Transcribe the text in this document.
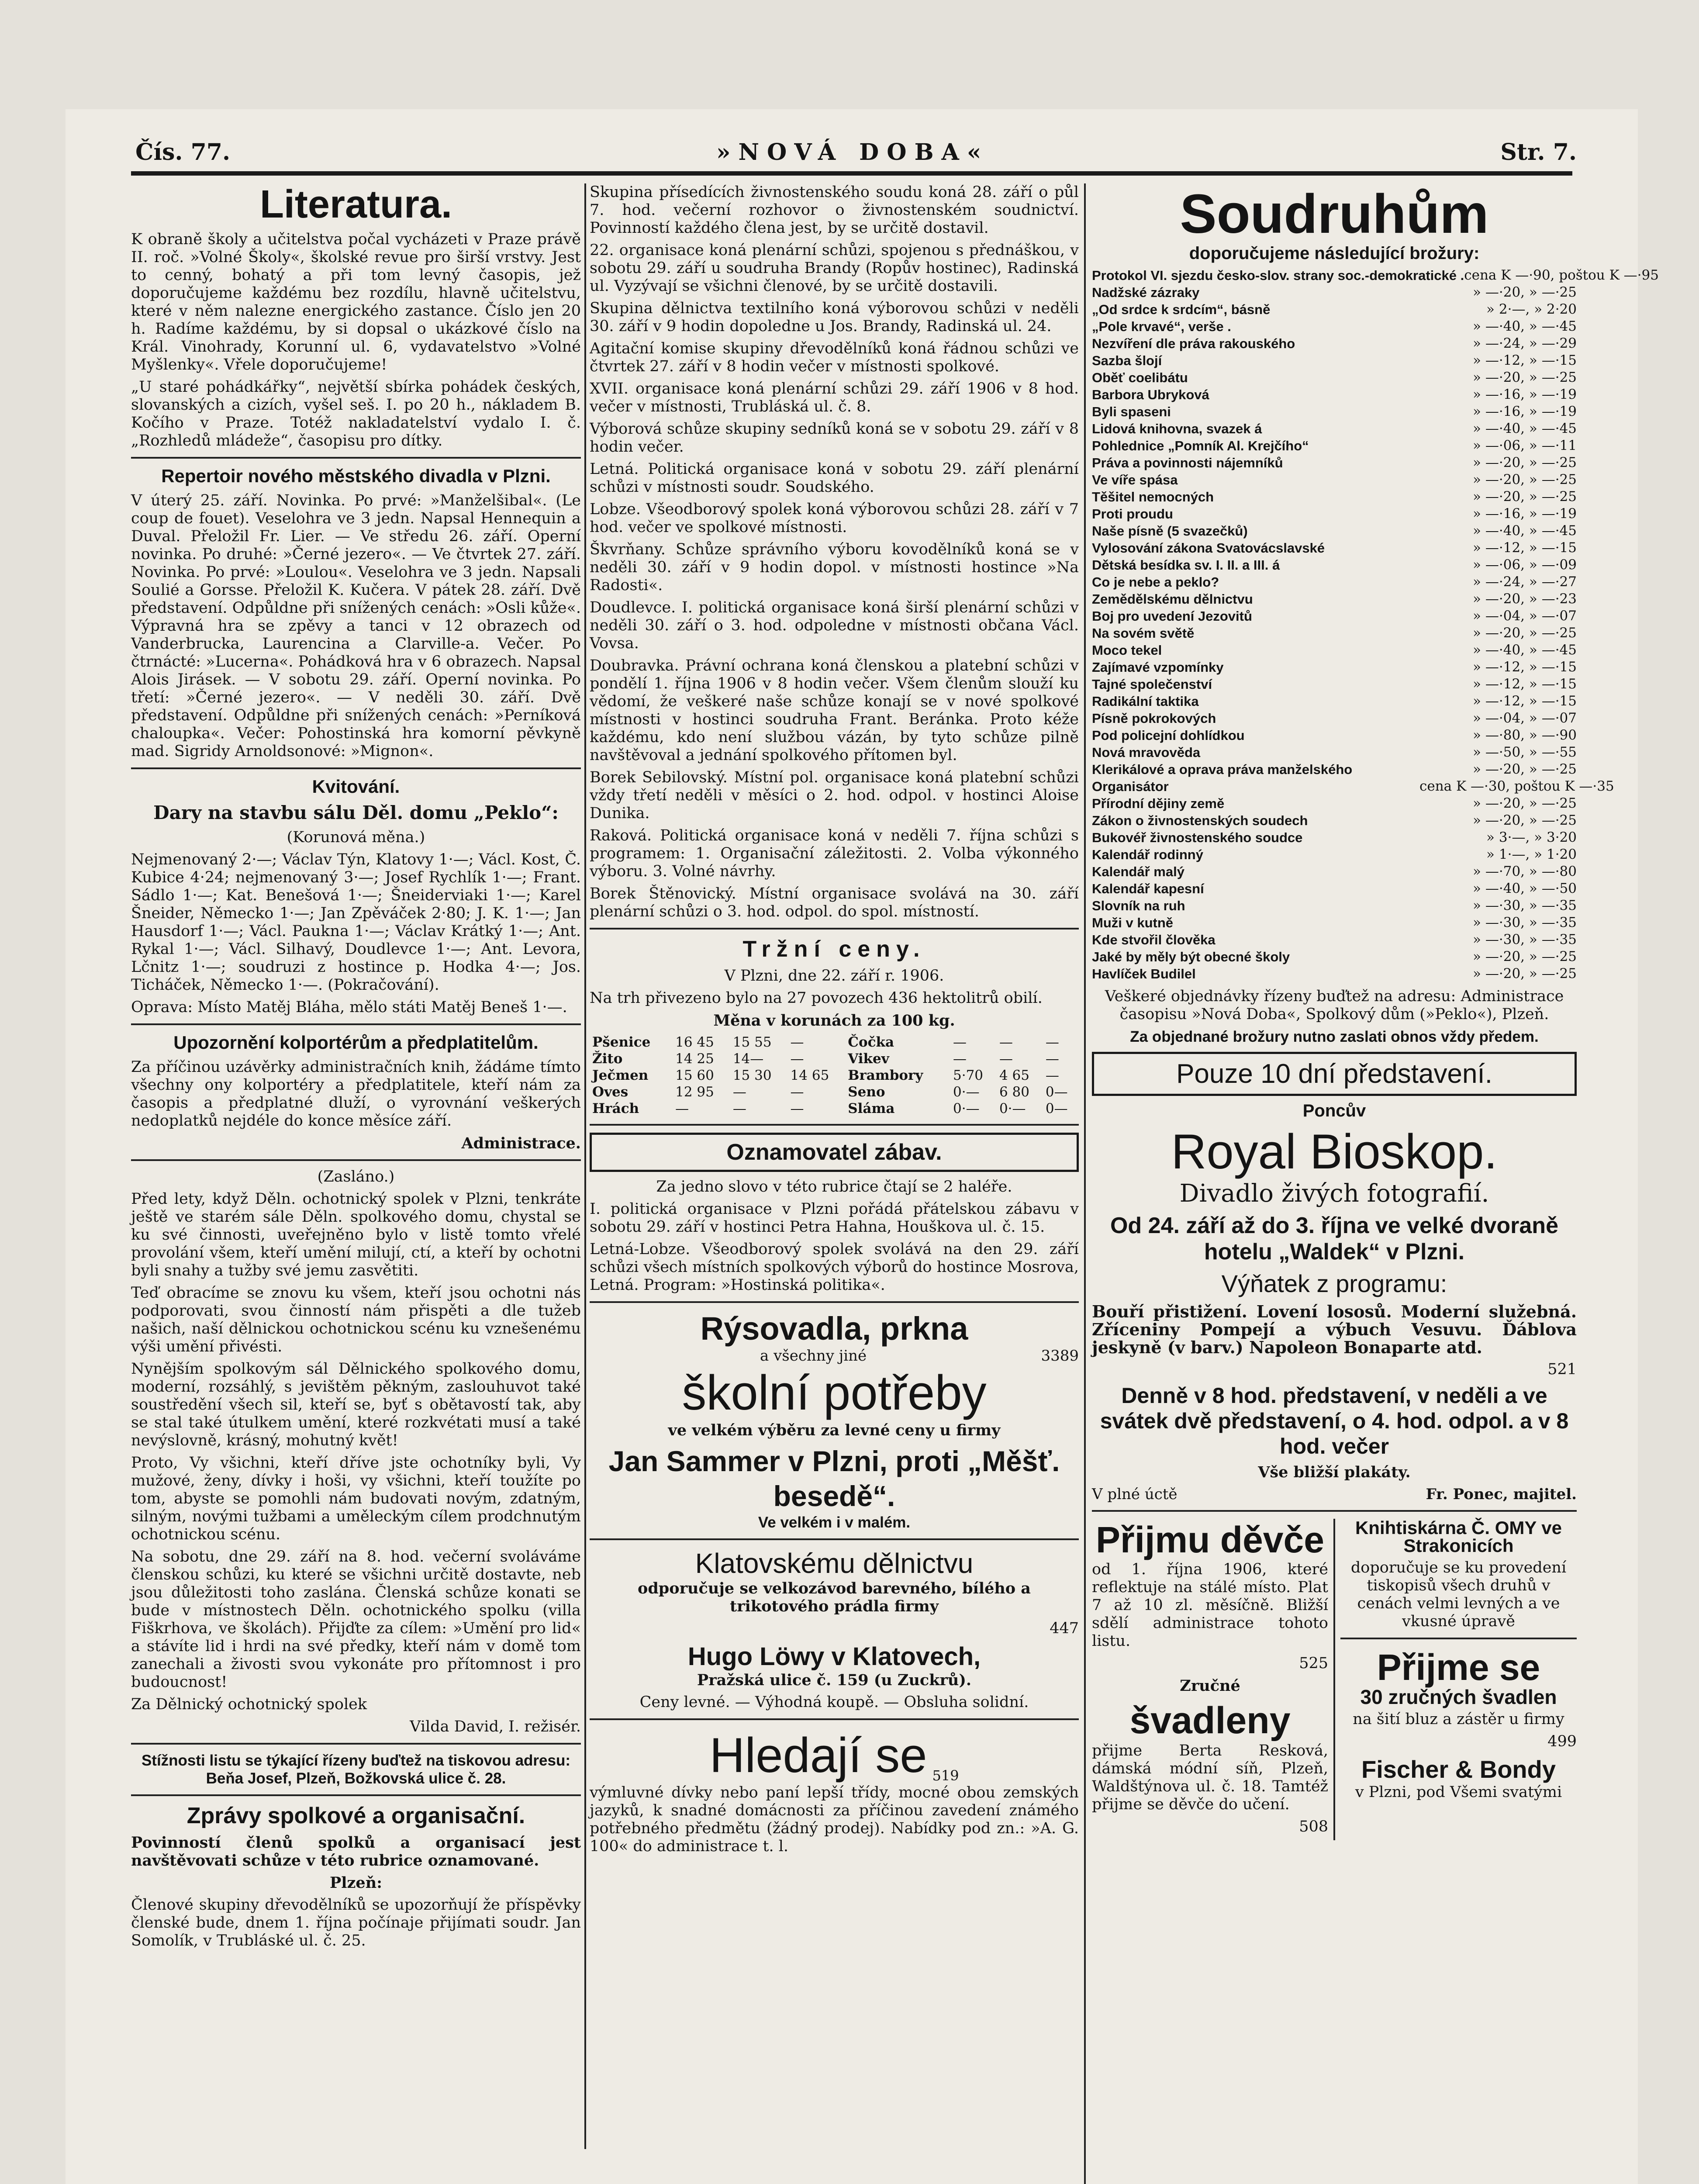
Čís. 77.	»NOVÁ DOBA«	Str. 7.
Literatura.

K obraně školy a učitelstva počal vycházeti v Praze právě II. roč. »Volné Školy«, školské revue pro širší vrstvy. Jest to cenný, bohatý a při tom levný časopis, jež doporučujeme každému bez rozdílu, hlavně učitelstvu, které v něm nalezne energického zastance. Číslo jen 20 h. Radíme každému, by si dopsal o ukázkové číslo na Král. Vinohrady, Korunní ul. 6, vydavatelstvo »Volné Myšlenky«. Vřele doporučujeme!

„U staré pohádkářky“, největší sbírka pohádek českých, slovanských a cizích, vyšel seš. I. po 20 h., nákladem B. Kočího v Praze. Totéž nakladatelství vydalo I. č. „Rozhledů mládeže“, časopisu pro dítky.

Repertoir nového městského divadla v Plzni.

V úterý 25. září. Novinka. Po prvé: »Manželšibal«. (Le coup de fouet). Veselohra ve 3 jedn. Napsal Hennequin a Duval. Přeložil Fr. Lier. — Ve středu 26. září. Operní novinka. Po druhé: »Černé jezero«. — Ve čtvrtek 27. září. Novinka. Po prvé: »Loulou«. Veselohra ve 3 jedn. Napsali Soulié a Gorsse. Přeložil K. Kučera. V pátek 28. září. Dvě představení. Odpůldne při snížených cenách: »Osli kůže«. Výpravná hra se zpěvy a tanci v 12 obrazech od Vanderbrucka, Laurencina a Clarville-a. Večer. Po čtrnácté: »Lucerna«. Pohádková hra v 6 obrazech. Napsal Alois Jirásek. — V sobotu 29. září. Operní novinka. Po třetí: »Černé jezero«. — V neděli 30. září. Dvě představení. Odpůldne při snížených cenách: »Perníková chaloupka«. Večer: Pohostinská hra komorní pěvkyně mad. Sigridy Arnoldsonové: »Mignon«.

Kvitování.
Dary na stavbu sálu Děl. domu „Peklo“:

(Korunová měna.)

Nejmenovaný 2·—; Václav Týn, Klatovy 1·—; Václ. Kost, Č. Kubice 4·24; nejmenovaný 3·—; Josef Rychlík 1·—; Frant. Sádlo 1·—; Kat. Benešová 1·—; Šneiderviaki 1·—; Karel Šneider, Německo 1·—; Jan Zpěváček 2·80; J. K. 1·—; Jan Hausdorf 1·—; Václ. Paukna 1·—; Václav Krátký 1·—; Ant. Rykal 1·—; Václ. Silhavý, Doudlevce 1·—; Ant. Levora, Lčnitz 1·—; soudruzi z hostince p. Hodka 4·—; Jos. Ticháček, Německo 1·—. (Pokračování).

Oprava: Místo Matěj Bláha, mělo státi Matěj Beneš 1·—.

Upozornění kolportérům a předplatitelům.

Za příčinou uzávěrky administračních knih, žádáme tímto všechny ony kolportéry a předplatitele, kteří nám za časopis a předplatné dluží, o vyrovnání veškerých nedoplatků nejdéle do konce měsíce září.

Administrace.

(Zasláno.)

Před lety, když Děln. ochotnický spolek v Plzni, tenkráte ještě ve starém sále Děln. spolkového domu, chystal se ku své činnosti, uveřejněno bylo v listě tomto vřelé provolání všem, kteří umění milují, ctí, a kteří by ochotni byli snahy a tužby své jemu zasvětiti.

Teď obracíme se znovu ku všem, kteří jsou ochotni nás podporovati, svou činností nám přispěti a dle tužeb našich, naší dělnickou ochotnickou scénu ku vznešenému výši umění přivésti.

Nynějším spolkovým sál Dělnického spolkového domu, moderní, rozsáhlý, s jevištěm pěkným, zaslouhuvot také soustředění všech sil, kteří se, byť s obětavostí tak, aby se stal také útulkem umění, které rozkvétati musí a také nevýslovně, krásný, mohutný květ!

Proto, Vy všichni, kteří dříve jste ochotníky byli, Vy mužové, ženy, dívky i hoši, vy všichni, kteří toužíte po tom, abyste se pomohli nám budovati novým, zdatným, silným, novými tužbami a uměleckým cílem prodchnutým ochotnickou scénu.

Na sobotu, dne 29. září na 8. hod. večerní svoláváme členskou schůzi, ku které se všichni určitě dostavte, neb jsou důležitosti toho zaslána. Členská schůze konati se bude v místnostech Děln. ochotnického spolku (villa Fiškrhova, ve školách). Přijďte za cílem: »Umění pro lid« a stávíte lid i hrdi na své předky, kteří nám v domě tom zanechali a živosti svou vykonáte pro přítomnost i pro budoucnost!

Za Dělnický ochotnický spolek

Vilda David, I. režisér.

Stížnosti listu se týkající řízeny buďtež na tiskovou adresu: Beňa Josef, Plzeň, Božkovská ulice č. 28.

Zprávy spolkové a organisační.

Povinností členů spolků a organisací jest navštěvovati schůze v této rubrice oznamované.

Plzeň:

Členové skupiny dřevodělníků se upozorňují že příspěvky členské bude, dnem 1. října počínaje přijímati soudr. Jan Somolík, v Trubláské ul. č. 25.

Skupina přísedících živnostenského soudu koná 28. září o půl 7. hod. večerní rozhovor o živnostenském soudnictví. Povinností každého člena jest, by se určitě dostavil.

22. organisace koná plenární schůzi, spojenou s přednáškou, v sobotu 29. září u soudruha Brandy (Ropův hostinec), Radinská ul. Vyzývají se všichni členové, by se určitě dostavili.

Skupina dělnictva textilního koná výborovou schůzi v neděli 30. září v 9 hodin dopoledne u Jos. Brandy, Radinská ul. 24.

Agitační komise skupiny dřevodělníků koná řádnou schůzi ve čtvrtek 27. září v 8 hodin večer v místnosti spolkové.

XVII. organisace koná plenární schůzi 29. září 1906 v 8 hod. večer v místnosti, Trubláská ul. č. 8.

Výborová schůze skupiny sedníků koná se v sobotu 29. září v 8 hodin večer.

Letná. Politická organisace koná v sobotu 29. září plenární schůzi v místnosti soudr. Soudského.

Lobze. Všeodborový spolek koná výborovou schůzi 28. září v 7 hod. večer ve spolkové místnosti.

Škvrňany. Schůze správního výboru kovodělníků koná se v neděli 30. září v 9 hodin dopol. v místnosti hostince »Na Radosti«.

Doudlevce. I. politická organisace koná širší plenární schůzi v neděli 30. září o 3. hod. odpoledne v místnosti občana Václ. Vovsa.

Doubravka. Právní ochrana koná členskou a platební schůzi v pondělí 1. října 1906 v 8 hodin večer. Všem členům slouží ku vědomí, že veškeré naše schůze konají se v nové spolkové místnosti v hostinci soudruha Frant. Beránka. Proto kéže každému, kdo není službou vázán, by tyto schůze pilně navštěvoval a jednání spolkového přítomen byl.

Borek Sebilovský. Místní pol. organisace koná platební schůzi vždy třetí neděli v měsíci o 2. hod. odpol. v hostinci Aloise Dunika.

Raková. Politická organisace koná v neděli 7. října schůzi s programem: 1. Organisační záležitosti. 2. Volba výkonného výboru. 3. Volné návrhy.

Borek Štěnovický. Místní organisace svolává na 30. září plenární schůzi o 3. hod. odpol. do spol. místností.

Tržní ceny.

V Plzni, dne 22. září r. 1906.

Na trh přivezeno bylo na 27 povozech 436 hektolitrů obilí.

Měna v korunách za 100 kg.

Pšenice	16 45	15 55	—	Čočka	—	—	—
Žito	14 25	14—	—	Vikev	—	—	—
Ječmen	15 60	15 30	14 65	Brambory	5·70	4 65	—
Oves	12 95	—	—	Seno	0·—	6 80	0—
Hrách	—	—	—	Sláma	0·—	0·—	0—
Oznamovatel zábav.

Za jedno slovo v této rubrice čtají se 2 haléře.

I. politická organisace v Plzni pořádá přátelskou zábavu v sobotu 29. září v hostinci Petra Hahna, Houškova ul. č. 15.

Letná-Lobze. Všeodborový spolek svolává na den 29. září schůzi všech místních spolkových výborů do hostince Mosrova, Letná. Program: »Hostinská politika«.

Rýsovadla, prkna
a všechny jiné	3389
školní potřeby

ve velkém výběru za levné ceny u firmy

Jan Sammer v Plzni, proti „Měšť. besedě“.

Ve velkém i v malém.

Klatovskému dělnictvu

odporučuje se velkozávod barevného, bílého a trikotového prádla firmy

447

Hugo Löwy v Klatovech,

Pražská ulice č. 159 (u Zuckrů).

Ceny levné. — Výhodná koupě. — Obsluha solidní.

Hledají se 519

výmluvné dívky nebo paní lepší třídy, mocné obou zemských jazyků, k snadné domácnosti za příčinou zavedení známého potřebného předmětu (žádný prodej). Nabídky pod zn.: »A. G. 100« do administrace t. l.

Soudruhům

doporučujeme následující brožury:

Protokol VI. sjezdu česko-slov. strany soc.-demokratické . cena K —·90, poštou K —·95
Nadžské zázraky	» —·20, » —·25
„Od srdce k srdcím“, básně	» 2·—, » 2·20
„Pole krvavé“, verše .	» —·40, » —·45
Nezvíření dle práva rakouského	» —·24, » —·29
Sazba šlojí	» —·12, » —·15
Oběť coelibátu	» —·20, » —·25
Barbora Ubryková	» —·16, » —·19
Byli spaseni	» —·16, » —·19
Lidová knihovna, svazek á	» —·40, » —·45
Pohlednice „Pomník Al. Krejčího“	» —·06, » —·11
Práva a povinnosti nájemníků	» —·20, » —·25
Ve víře spása	» —·20, » —·25
Těšitel nemocných	» —·20, » —·25
Proti proudu	» —·16, » —·19
Naše písně (5 svazečků)	» —·40, » —·45
Vylosování zákona Svatovácslavské	» —·12, » —·15
Dětská besídka sv. I. II. a III. á	» —·06, » —·09
Co je nebe a peklo?	» —·24, » —·27
Zemědělskému dělnictvu	» —·20, » —·23
Boj pro uvedení Jezovitů	» —·04, » —·07
Na sovém světě	» —·20, » —·25
Moco tekel	» —·40, » —·45
Zajímavé vzpomínky	» —·12, » —·15
Tajné společenství	» —·12, » —·15
Radikální taktika	» —·12, » —·15
Písně pokrokových	» —·04, » —·07
Pod policejní dohlídkou	» —·80, » —·90
Nová mravověda	» —·50, » —·55
Klerikálové a oprava práva manželského	» —·20, » —·25
Organisátor	cena K —·30, poštou K —·35
Přírodní dějiny země	» —·20, » —·25
Zákon o živnostenských soudech	» —·20, » —·25
Bukovéř živnostenského soudce	» 3·—, » 3·20
Kalendář rodinný	» 1·—, » 1·20
Kalendář malý	» —·70, » —·80
Kalendář kapesní	» —·40, » —·50
Slovník na ruh	» —·30, » —·35
Muži v kutně	» —·30, » —·35
Kde stvořil člověka	» —·30, » —·35
Jaké by měly být obecné školy	» —·20, » —·25
Havlíček Budilel	» —·20, » —·25

Veškeré objednávky řízeny buďtež na adresu: Administrace časopisu »Nová Doba«, Spolkový dům (»Peklo«), Plzeň.

Za objednané brožury nutno zaslati obnos vždy předem.

Pouze 10 dní představení.

Poncův

Royal Bioskop.

Divadlo živých fotografií.

Od 24. září až do 3. října ve velké dvoraně hotelu „Waldek“ v Plzni.

Výňatek z programu:

Bouří přistižení. Lovení lososů. Moderní služebná. Zříceniny Pompejí a výbuch Vesuvu. Ďáblova jeskyně (v barv.) Napoleon Bonaparte atd.

521

Denně v 8 hod. představení, v neděli a ve svátek dvě představení, o 4. hod. odpol. a v 8 hod. večer

Vše bližší plakáty.

V plné úctě	Fr. Ponec, majitel.
Přijmu děvče

od 1. října 1906, které reflektuje na stálé místo. Plat 7 až 10 zl. měsíčně. Bližší sdělí administrace tohoto listu.

525

Zručné

švadleny

přijme Berta Resková, dámská módní síň, Plzeň, Waldštýnova ul. č. 18. Tamtéž přijme se děvče do učení.

508

Knihtiskárna Č. OMY ve Strakonicích

doporučuje se ku provedení tiskopisů všech druhů v cenách velmi levných a ve vkusné úpravě

Přijme se

30 zručných švadlen

na šití bluz a zástěr u firmy

499

Fischer & Bondy

v Plzni, pod Všemi svatými
